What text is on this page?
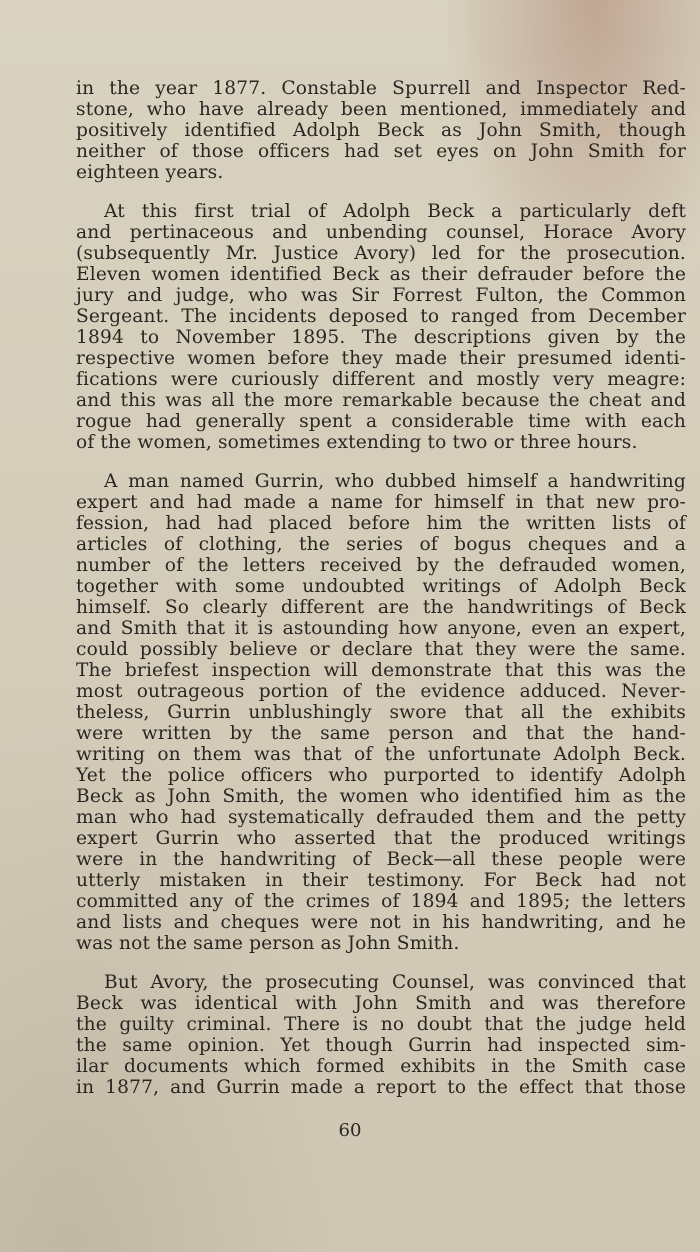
in the year 1877. Constable Spurrell and Inspector Red-
stone, who have already been mentioned, immediately and
positively identified Adolph Beck as John Smith, though
neither of those officers had set eyes on John Smith for
eighteen years.
At this first trial of Adolph Beck a particularly deft
and pertinaceous and unbending counsel, Horace Avory
(subsequently Mr. Justice Avory) led for the prosecution.
Eleven women identified Beck as their defrauder before the
jury and judge, who was Sir Forrest Fulton, the Common
Sergeant. The incidents deposed to ranged from December
1894 to November 1895. The descriptions given by the
respective women before they made their presumed identi-
fications were curiously different and mostly very meagre:
and this was all the more remarkable because the cheat and
rogue had generally spent a considerable time with each
of the women, sometimes extending to two or three hours.
A man named Gurrin, who dubbed himself a handwriting
expert and had made a name for himself in that new pro-
fession, had had placed before him the written lists of
articles of clothing, the series of bogus cheques and a
number of the letters received by the defrauded women,
together with some undoubted writings of Adolph Beck
himself. So clearly different are the handwritings of Beck
and Smith that it is astounding how anyone, even an expert,
could possibly believe or declare that they were the same.
The briefest inspection will demonstrate that this was the
most outrageous portion of the evidence adduced. Never-
theless, Gurrin unblushingly swore that all the exhibits
were written by the same person and that the hand-
writing on them was that of the unfortunate Adolph Beck.
Yet the police officers who purported to identify Adolph
Beck as John Smith, the women who identified him as the
man who had systematically defrauded them and the petty
expert Gurrin who asserted that the produced writings
were in the handwriting of Beck—all these people were
utterly mistaken in their testimony. For Beck had not
committed any of the crimes of 1894 and 1895; the letters
and lists and cheques were not in his handwriting, and he
was not the same person as John Smith.
But Avory, the prosecuting Counsel, was convinced that
Beck was identical with John Smith and was therefore
the guilty criminal. There is no doubt that the judge held
the same opinion. Yet though Gurrin had inspected sim-
ilar documents which formed exhibits in the Smith case
in 1877, and Gurrin made a report to the effect that those
60
